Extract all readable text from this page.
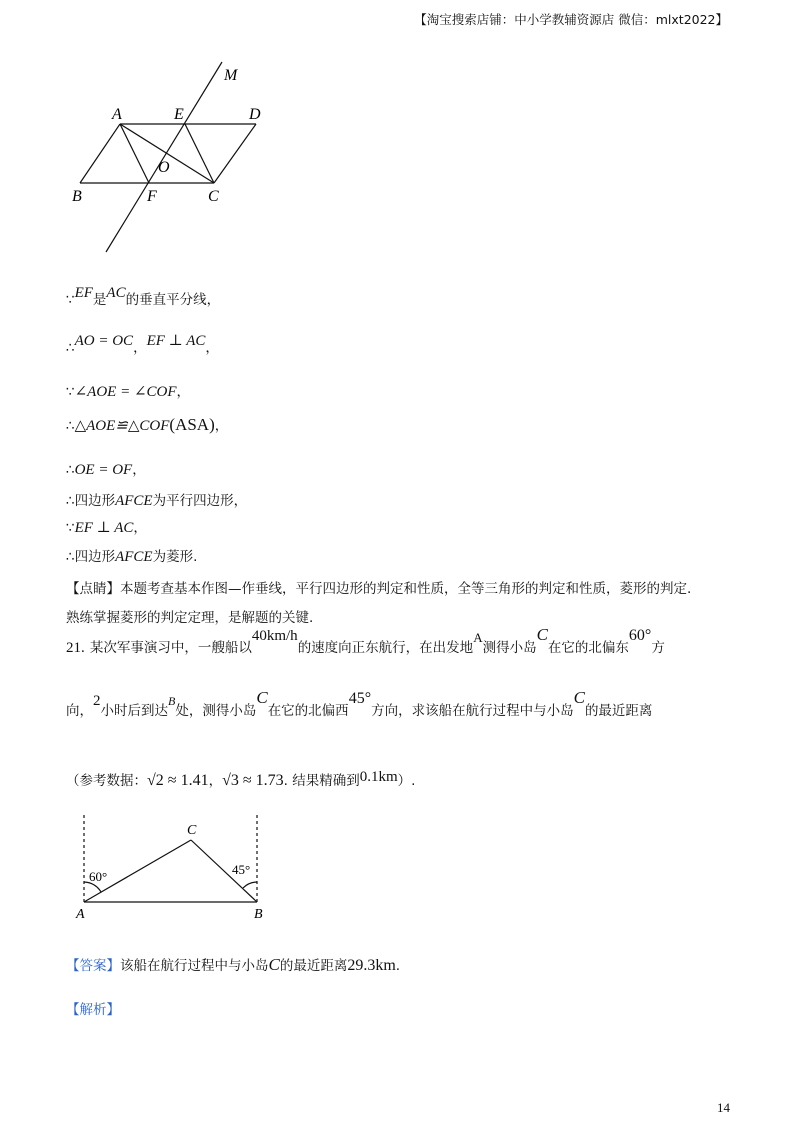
【淘宝搜索店铺：中小学教辅资源店 微信：mlxt2022】
M
A	E	D
O
B	F	C
∵EF是AC的垂直平分线，
∴AO = OC，EF ⊥ AC，
∵∠AOE = ∠COF，
∴△AOE≌△COF(ASA)，
∴OE = OF，
∴四边形AFCE为平行四边形，
∵EF ⊥ AC，
∴四边形AFCE为菱形.
【点睛】本题考查基本作图—作垂线，平行四边形的判定和性质，全等三角形的判定和性质，菱形的判定.
熟练掌握菱形的判定定理，是解题的关键.
21. 某次军事演习中，一艘船以40km/h的速度向正东航行，在出发地$^A$测得小岛C在它的北偏东60°方
向，2小时后到达$^B$处，测得小岛C在它的北偏西45°方向，求该船在航行过程中与小岛C的最近距离
（参考数据：√2 ≈ 1.41，√3 ≈ 1.73. 结果精确到0.1km）.
60°	45°
A	B
C
【答案】该船在航行过程中与小岛C的最近距离29.3km.
【解析】
14
